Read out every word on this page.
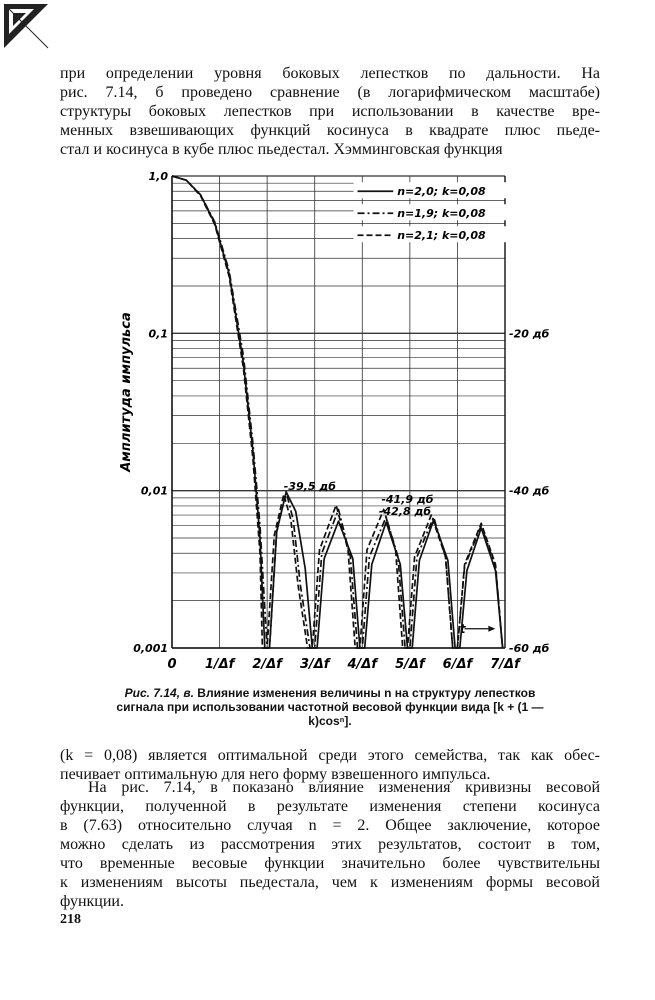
при определении уровня боковых лепестков по дальности. На
рис. 7.14, б проведено сравнение (в логарифмическом масштабе)
структуры боковых лепестков при использовании в качестве вре-
менных взвешивающих функций косинуса в квадрате плюс пьеде-
стал и косинуса в кубе плюс пьедестал. Хэмминговская функция

0,001
0,01
0,1
1,0
-20 дб
-40 дб
-60 дб
0 1/Δf 2/Δf 3/Δf 4/Δf 5/Δf 6/Δf 7/Δf
Амплитуда импульса
t
n=2,0; k=0,08
n=1,9; k=0,08
n=2,1; k=0,08
-39,5 дб
-41,9 дб
-42,8 дб
Рис. 7.14, в. Влияние изменения величины n на структуру лепестков сигнала при использовании частотной весовой функции вида [k + (1 — k)cosⁿ].

(k = 0,08) является оптимальной среди этого семейства, так как обес-
печивает оптимальную для него форму взвешенного импульса.

На рис. 7.14, в показано влияние изменения кривизны весовой
функции, полученной в результате изменения степени косинуса
в (7.63) относительно случая n = 2. Общее заключение, которое
можно сделать из рассмотрения этих результатов, состоит в том,
что временные весовые функции значительно более чувствительны
к изменениям высоты пьедестала, чем к изменениям формы весовой
функции.

218
